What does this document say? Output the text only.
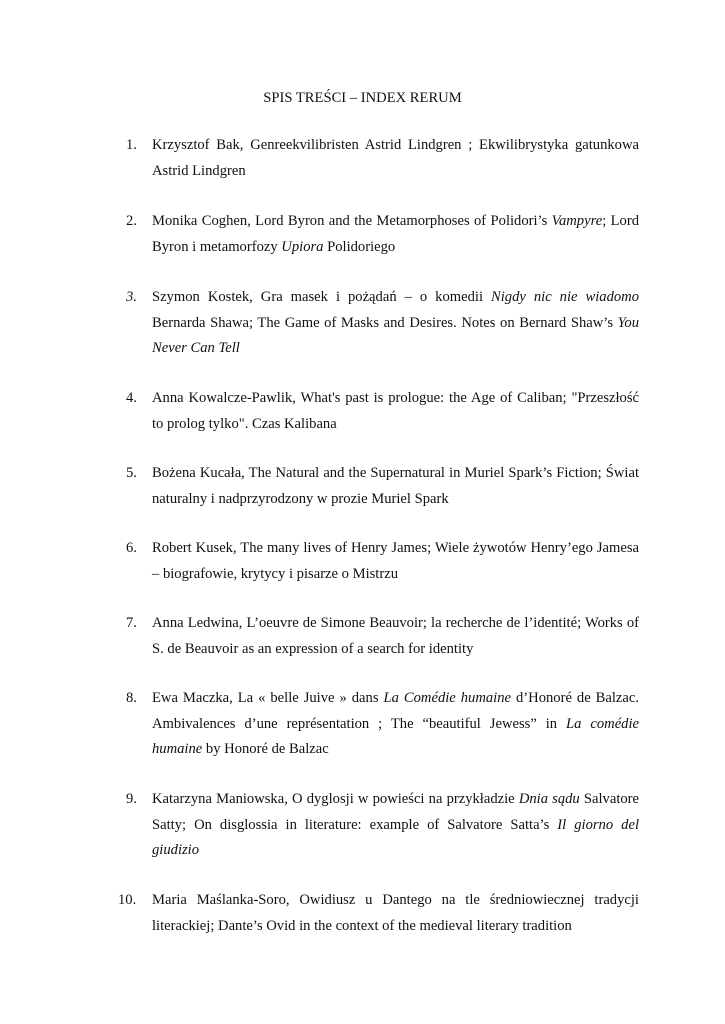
SPIS TREŚCI – INDEX RERUM
1. Krzysztof Bak, Genreekvilibristen Astrid Lindgren ; Ekwilibrystyka gatunkowa Astrid Lindgren
2. Monika Coghen, Lord Byron and the Metamorphoses of Polidori’s Vampyre; Lord Byron i metamorfozy Upiora Polidoriego
3. Szymon Kostek, Gra masek i pożądań – o komedii Nigdy nic nie wiadomo Bernarda Shawa; The Game of Masks and Desires. Notes on Bernard Shaw’s You Never Can Tell
4. Anna Kowalcze-Pawlik, What's past is prologue: the Age of Caliban; "Przeszłość to prolog tylko". Czas Kalibana
5. Bożena Kucała, The Natural and the Supernatural in Muriel Spark’s Fiction; Świat naturalny i nadprzyrodzony w prozie Muriel Spark
6. Robert Kusek, The many lives of Henry James; Wiele żywotów Henry’ego Jamesa – biografowie, krytycy i pisarze o Mistrzu
7. Anna Ledwina, L’oeuvre de Simone Beauvoir; la recherche de l’identité; Works of S. de Beauvoir as an expression of a search for identity
8. Ewa Maczka, La « belle Juive » dans La Comédie humaine d’Honoré de Balzac. Ambivalences d’une représentation ; The “beautiful Jewess” in La comédie humaine by Honoré de Balzac
9. Katarzyna Maniowska, O dyglosji w powieści na przykładzie Dnia sądu Salvatore Satty; On disglossia in literature: example of Salvatore Satta’s Il giorno del giudizio
10. Maria Maślanka-Soro, Owidiusz u Dantego na tle średniowiecznej tradycji literackiej; Dante’s Ovid in the context of the medieval literary tradition
